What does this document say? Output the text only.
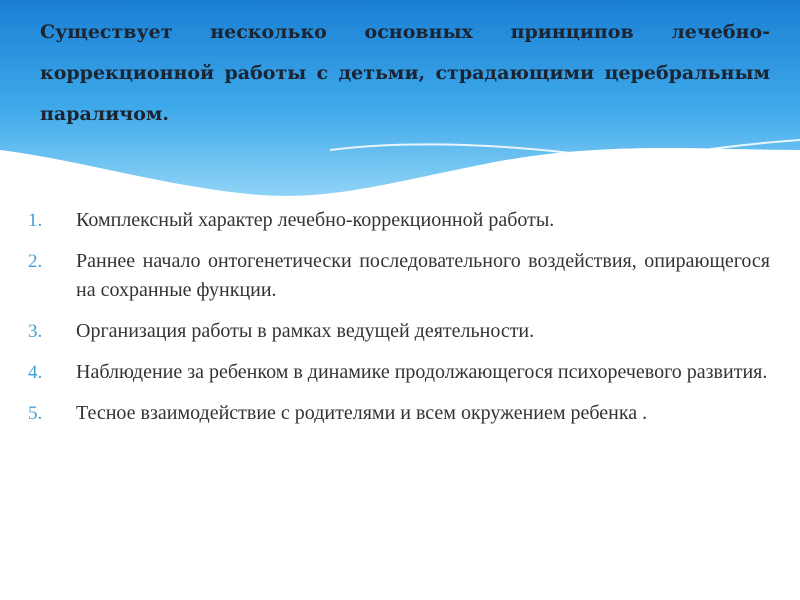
Существует несколько основных принципов лечебно-коррекционной работы с детьми, страдающими церебральным параличом.

1.	Комплексный характер лечебно-коррекционной работы.
2.	Раннее начало онтогенетически последовательного воздействия, опирающегося на сохранные функции.
3.	Организация работы в рамках ведущей деятельности.
4.	Наблюдение за ребенком в динамике продолжающегося психоречевого развития.
5.	Тесное взаимодействие с родителями и всем окружением ребенка .
